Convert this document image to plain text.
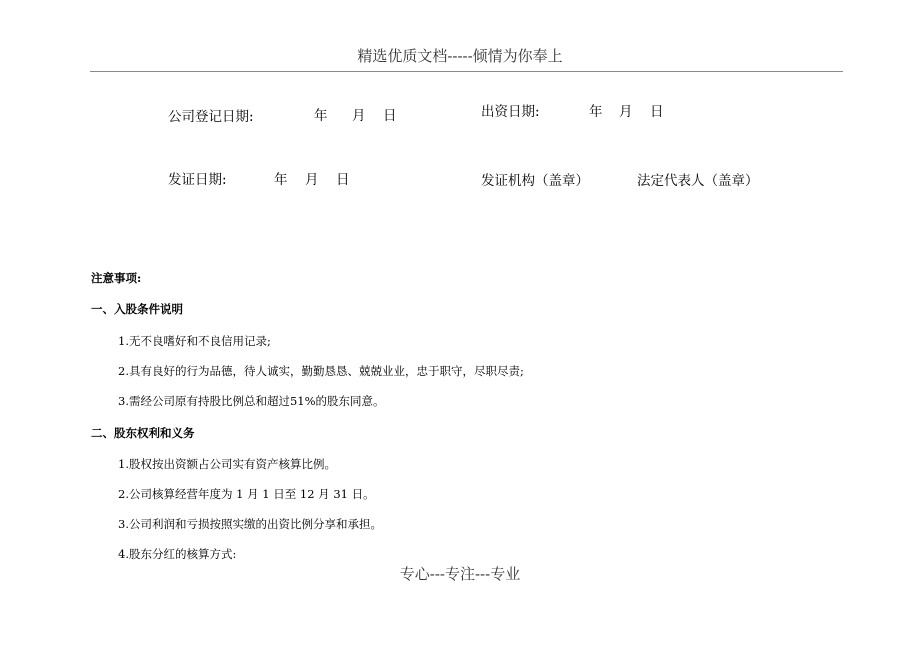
精选优质文档-----倾情为你奉上
公司登记日期:	年 月 日	出资日期:	年 月 日
发证日期:	年 月 日	发证机构（盖章）	法定代表人（盖章）
注意事项:
一、入股条件说明
1.无不良嗜好和不良信用记录;
2.具有良好的行为品德，待人诚实，勤勤恳恳、兢兢业业，忠于职守，尽职尽责;
3.需经公司原有持股比例总和超过51%的股东同意。
二、股东权利和义务
1.股权按出资额占公司实有资产核算比例。
2.公司核算经营年度为 1 月 1 日至 12 月 31 日。
3.公司利润和亏损按照实缴的出资比例分享和承担。
4.股东分红的核算方式:
专心---专注---专业
